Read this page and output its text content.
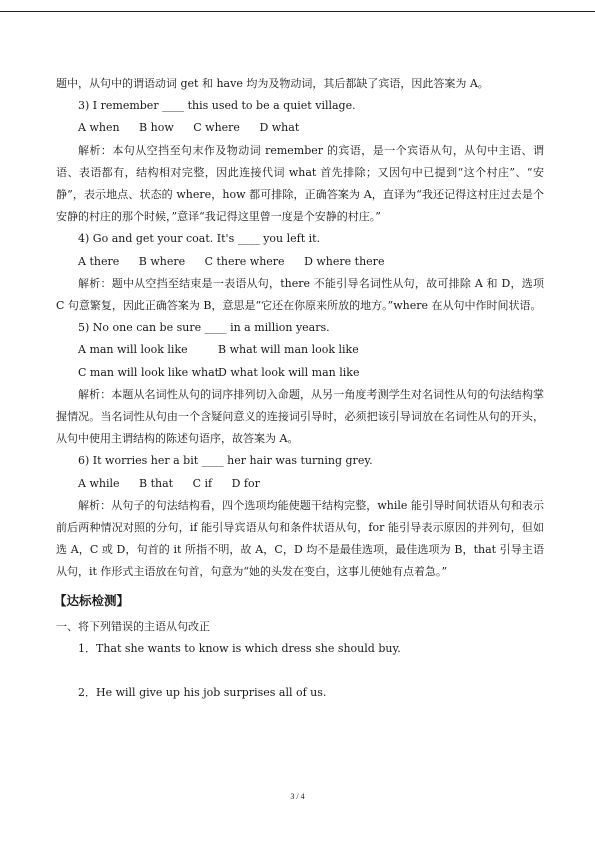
题中，从句中的谓语动词 get 和 have 均为及物动词，其后都缺了宾语，因此答案为 A。

3) I remember ____ this used to be a quiet village.

A when B how C where D what

解析：本句从空挡至句末作及物动词 remember 的宾语，是一个宾语从句，从句中主语、谓语、表语都有，结构相对完整，因此连接代词 what 首先排除；又因句中已提到“这个村庄”、“安静”，表示地点、状态的 where，how 都可排除，正确答案为 A，直译为“我还记得这村庄过去是个安静的村庄的那个时候，”意译“我记得这里曾一度是个安静的村庄。”

4) Go and get your coat. It's ____ you left it.

A there B where C there where D where there

解析：题中从空挡至结束是一表语从句，there 不能引导名词性从句，故可排除 A 和 D，选项 C 句意繁复，因此正确答案为 B，意思是“它还在你原来所放的地方。”where 在从句中作时间状语。

5) No one can be sure ____ in a million years.

A man will look like	B what will man look like

C man will look like whatD what look will man like

解析：本题从名词性从句的词序排列切入命题，从另一角度考测学生对名词性从句的句法结构掌握情况。当名词性从句由一个含疑问意义的连接词引导时，必须把该引导词放在名词性从句的开头，从句中使用主谓结构的陈述句语序，故答案为 A。

6) It worries her a bit ____ her hair was turning grey.

A while B that C if D for

解析：从句子的句法结构看，四个选项均能使题干结构完整，while 能引导时间状语从句和表示前后两种情况对照的分句，if 能引导宾语从句和条件状语从句，for 能引导表示原因的并列句，但如选 A，C 或 D，句首的 it 所指不明，故 A，C，D 均不是最佳选项，最佳选项为 B，that 引导主语从句，it 作形式主语放在句首，句意为“她的头发在变白，这事儿使她有点着急。”

【达标检测】

一、将下列错误的主语从句改正

1．That she wants to know is which dress she should buy.

2．He will give up his job surprises all of us.

3 / 4
